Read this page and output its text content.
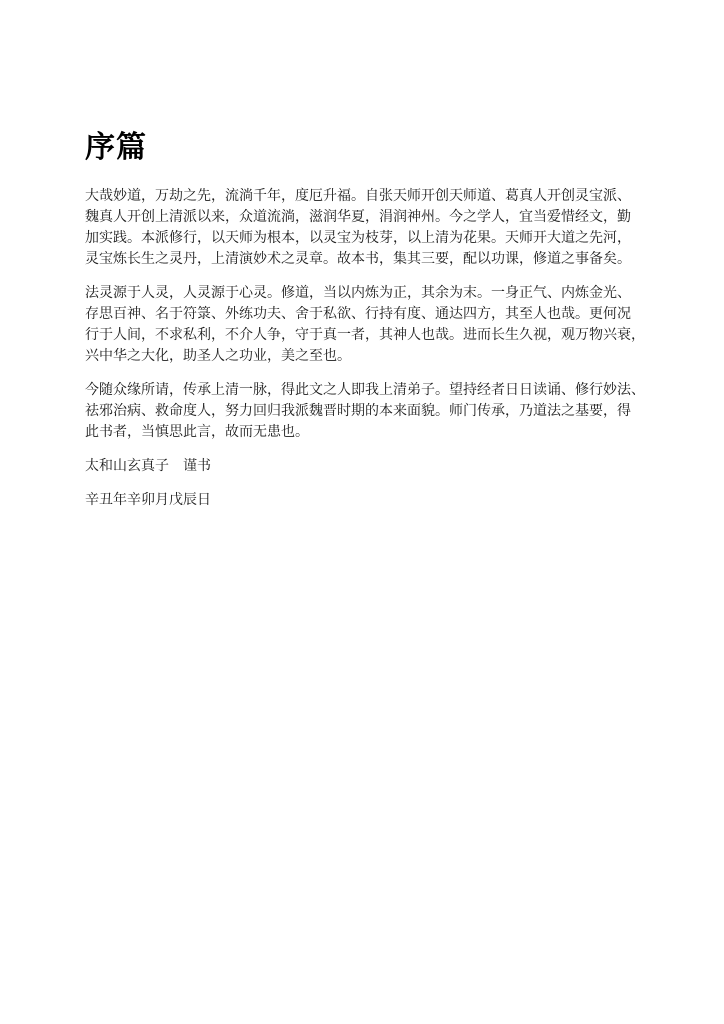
序篇

大哉妙道，万劫之先，流淌千年，度厄升福。自张天师开创天师道、葛真人开创灵宝派、
魏真人开创上清派以来，众道流淌，滋润华夏，涓润神州。今之学人，宜当爱惜经文，勤
加实践。本派修行，以天师为根本，以灵宝为枝芽，以上清为花果。天师开大道之先河，
灵宝炼长生之灵丹，上清演妙术之灵章。故本书，集其三要，配以功课，修道之事备矣。

法灵源于人灵，人灵源于心灵。修道，当以内炼为正，其余为末。一身正气、内炼金光、
存思百神、名于符箓、外练功夫、舍于私欲、行持有度、通达四方，其至人也哉。更何况
行于人间，不求私利，不介人争，守于真一者，其神人也哉。进而长生久视，观万物兴衰，
兴中华之大化，助圣人之功业，美之至也。

今随众缘所请，传承上清一脉，得此文之人即我上清弟子。望持经者日日读诵、修行妙法、
祛邪治病、救命度人，努力回归我派魏晋时期的本来面貌。师门传承，乃道法之基要，得
此书者，当慎思此言，故而无患也。

太和山玄真子　谨书

辛丑年辛卯月戊辰日
